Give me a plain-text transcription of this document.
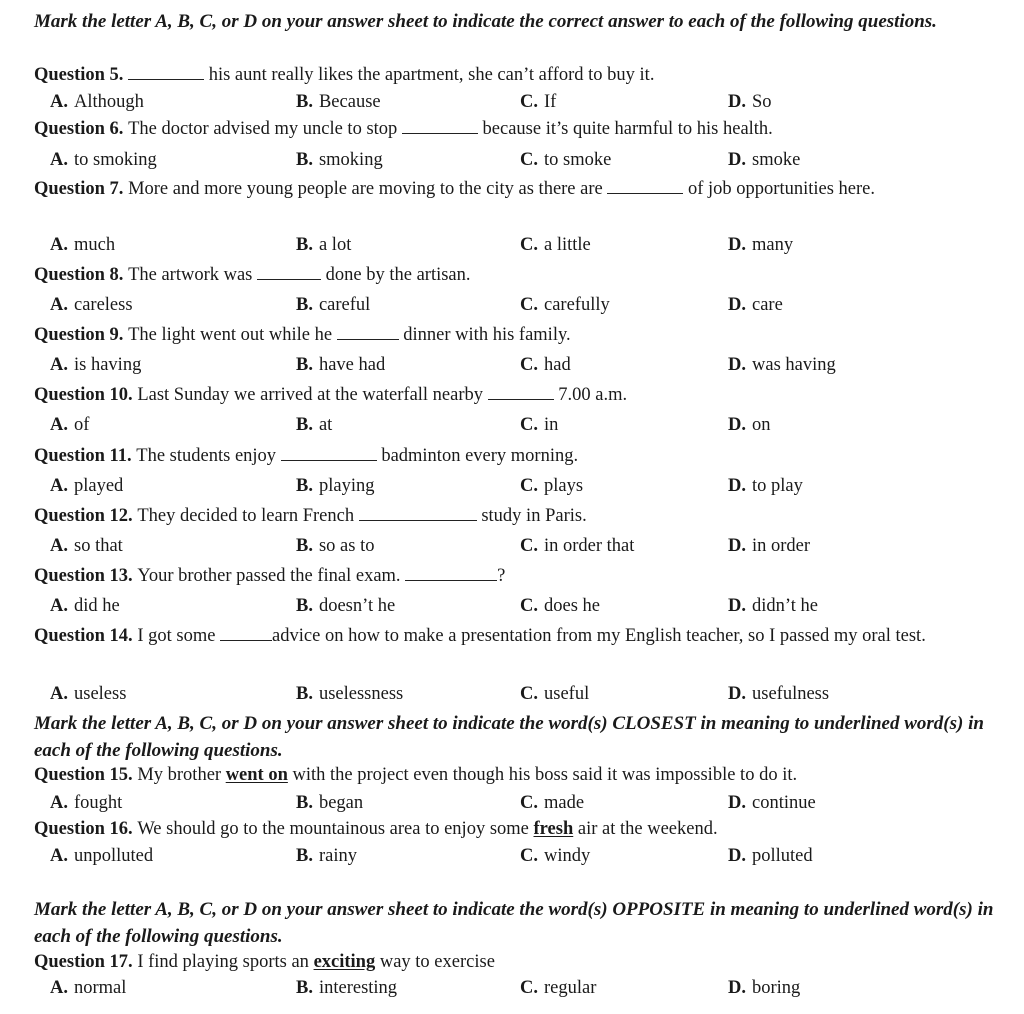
Mark the letter A, B, C, or D on your answer sheet to indicate the correct answer to each of the following questions.
Mark the letter A, B, C, or D on your answer sheet to indicate the word(s) CLOSEST in meaning to underlined word(s) in each of the following questions.
Mark the letter A, B, C, or D on your answer sheet to indicate the word(s) OPPOSITE in meaning to underlined word(s) in each of the following questions.
Question 5.	his aunt really likes the apartment, she can’t afford to buy it.
A. Although	B. Because	C. If	D. So
Question 6. The doctor advised my uncle to stop	because it’s quite harmful to his health.
A. to smoking	B. smoking	C. to smoke	D. smoke
Question 7. More and more young people are moving to the city as there are	of job opportunities here.
A. much	B. a lot	C. a little	D. many
Question 8. The artwork was	done by the artisan.
A. careless	B. careful	C. carefully	D. care
Question 9. The light went out while he	dinner with his family.
A. is having	B. have had	C. had	D. was having
Question 10. Last Sunday we arrived at the waterfall nearby	7.00 a.m.
A. of	B. at	C. in	D. on
Question 11. The students enjoy	badminton every morning.
A. played	B. playing	C. plays	D. to play
Question 12. They decided to learn French	study in Paris.
A. so that	B. so as to	C. in order that	D. in order
Question 13. Your brother passed the final exam.	?
A. did he	B. doesn’t he	C. does he	D. didn’t he
Question 14. I got some	advice on how to make a presentation from my English teacher, so I passed my oral test.
A. useless	B. uselessness	C. useful	D. usefulness
Question 15. My brother went on with the project even though his boss said it was impossible to do it.
A. fought	B. began	C. made	D. continue
Question 16. We should go to the mountainous area to enjoy some fresh air at the weekend.
A. unpolluted	B. rainy	C. windy	D. polluted
Question 17. I find playing sports an exciting way to exercise
A. normal	B. interesting	C. regular	D. boring
